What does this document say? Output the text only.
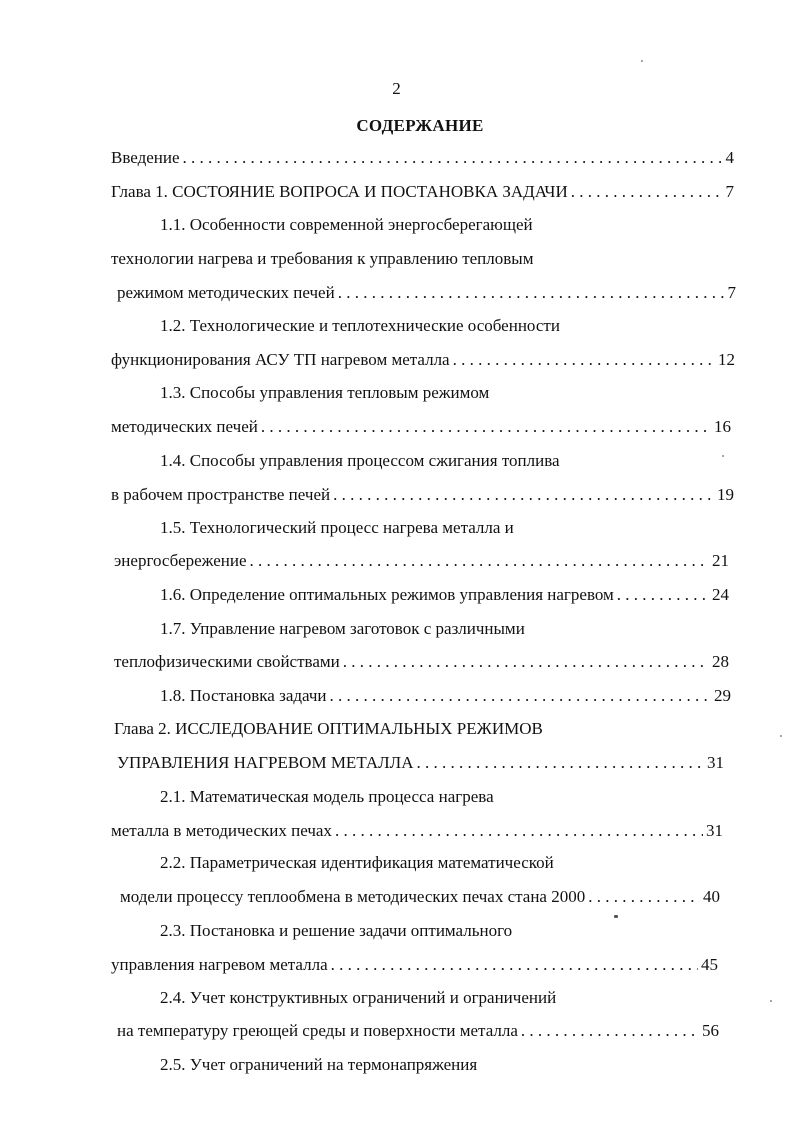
2
СОДЕРЖАНИЕ
Введение . . .	4
Глава 1. СОСТОЯНИЕ ВОПРОСА И ПОСТАНОВКА ЗАДАЧИ . . .	7
1.1. Особенности современной энергосберегающей
технологии нагрева и требования к управлению тепловым
режимом методических печей . . .	7
1.2. Технологические и теплотехнические особенности
функционирования АСУ ТП нагревом металла . . .	12
1.3. Способы управления тепловым режимом
методических печей . . .	16
1.4. Способы управления процессом сжигания топлива
в рабочем пространстве печей . . .	19
1.5. Технологический процесс нагрева металла и
энергосбережение . . .	21
1.6. Определение оптимальных режимов управления нагревом . . .	24
1.7. Управление нагревом заготовок с различными
теплофизическими свойствами . . .	28
1.8. Постановка задачи . . .	29
Глава 2. ИССЛЕДОВАНИЕ ОПТИМАЛЬНЫХ РЕЖИМОВ
УПРАВЛЕНИЯ НАГРЕВОМ МЕТАЛЛА . . .	31
2.1. Математическая модель процесса нагрева
металла в методических печах . . .	31
2.2. Параметрическая идентификация математической
модели процессу теплообмена в методических печах стана 2000 . . .	40
2.3. Постановка и решение задачи оптимального
управления нагревом металла . . .	45
2.4. Учет конструктивных ограничений и ограничений
на температуру греющей среды и поверхности металла . . .	56
2.5. Учет ограничений на термонапряжения
